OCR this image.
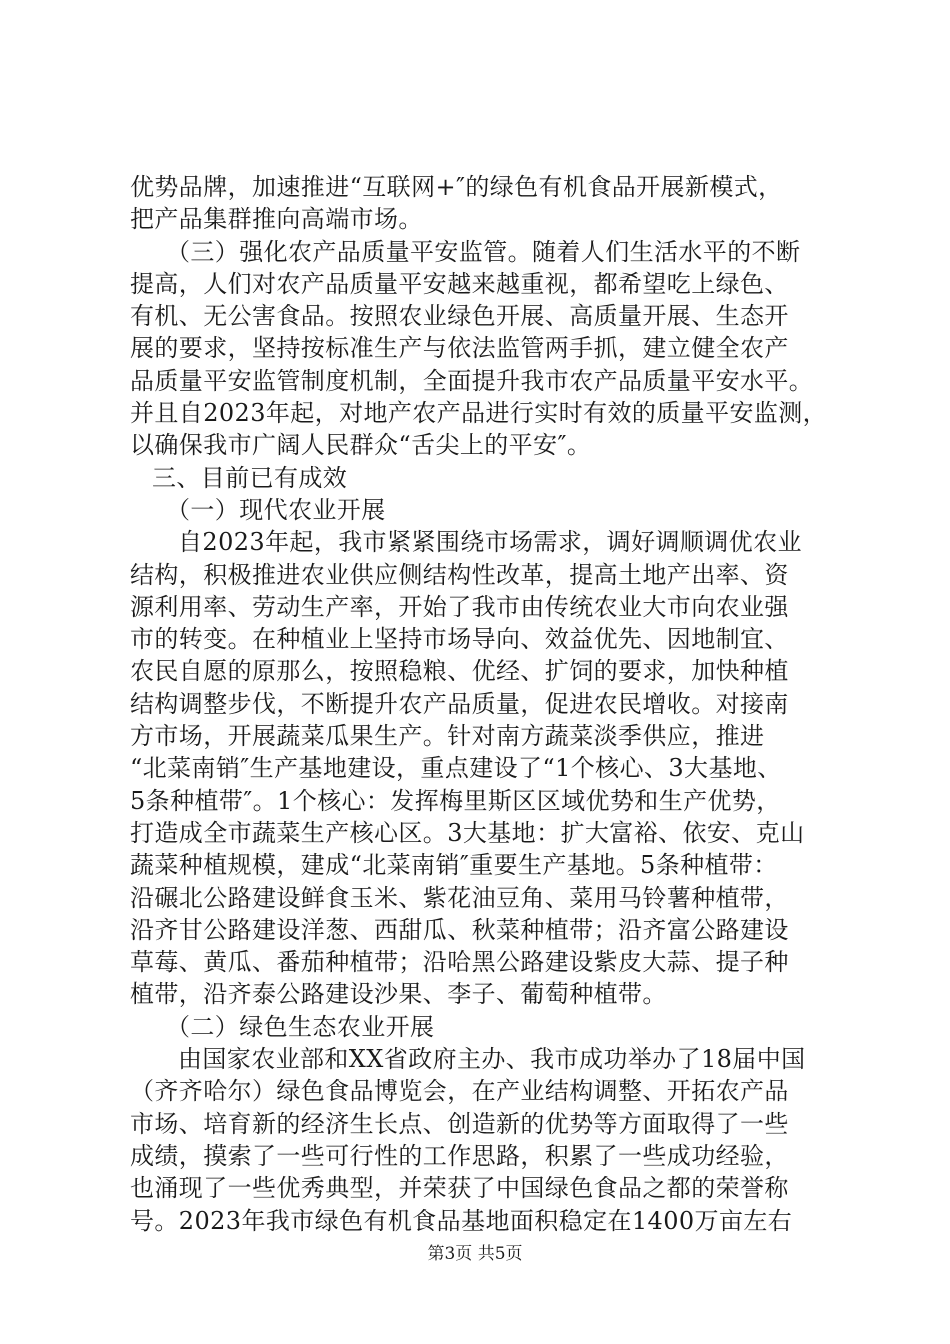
优势品牌，加速推进“互联网+″的绿色有机食品开展新模式，
把产品集群推向高端市场。
（三）强化农产品质量平安监管。随着人们生活水平的不断
提高，人们对农产品质量平安越来越重视，都希望吃上绿色、
有机、无公害食品。按照农业绿色开展、高质量开展、生态开
展的要求，坚持按标准生产与依法监管两手抓，建立健全农产
品质量平安监管制度机制，全面提升我市农产品质量平安水平。
并且自2023年起，对地产农产品进行实时有效的质量平安监测，
以确保我市广阔人民群众“舌尖上的平安″。
三、目前已有成效
（一）现代农业开展
自2023年起，我市紧紧围绕市场需求，调好调顺调优农业
结构，积极推进农业供应侧结构性改革，提高土地产出率、资
源利用率、劳动生产率，开始了我市由传统农业大市向农业强
市的转变。在种植业上坚持市场导向、效益优先、因地制宜、
农民自愿的原那么，按照稳粮、优经、扩饲的要求，加快种植
结构调整步伐，不断提升农产品质量，促进农民增收。对接南
方市场，开展蔬菜瓜果生产。针对南方蔬菜淡季供应，推进
“北菜南销″生产基地建设，重点建设了“1个核心、3大基地、
5条种植带″。1个核心：发挥梅里斯区区域优势和生产优势，
打造成全市蔬菜生产核心区。3大基地：扩大富裕、依安、克山
蔬菜种植规模，建成“北菜南销″重要生产基地。5条种植带：
沿碾北公路建设鲜食玉米、紫花油豆角、菜用马铃薯种植带，
沿齐甘公路建设洋葱、西甜瓜、秋菜种植带；沿齐富公路建设
草莓、黄瓜、番茄种植带；沿哈黑公路建设紫皮大蒜、提子种
植带，沿齐泰公路建设沙果、李子、葡萄种植带。
（二）绿色生态农业开展
由国家农业部和XX省政府主办、我市成功举办了18届中国
（齐齐哈尔）绿色食品博览会，在产业结构调整、开拓农产品
市场、培育新的经济生长点、创造新的优势等方面取得了一些
成绩，摸索了一些可行性的工作思路，积累了一些成功经验，
也涌现了一些优秀典型，并荣获了中国绿色食品之都的荣誉称
号。2023年我市绿色有机食品基地面积稳定在1400万亩左右
第3页 共5页
